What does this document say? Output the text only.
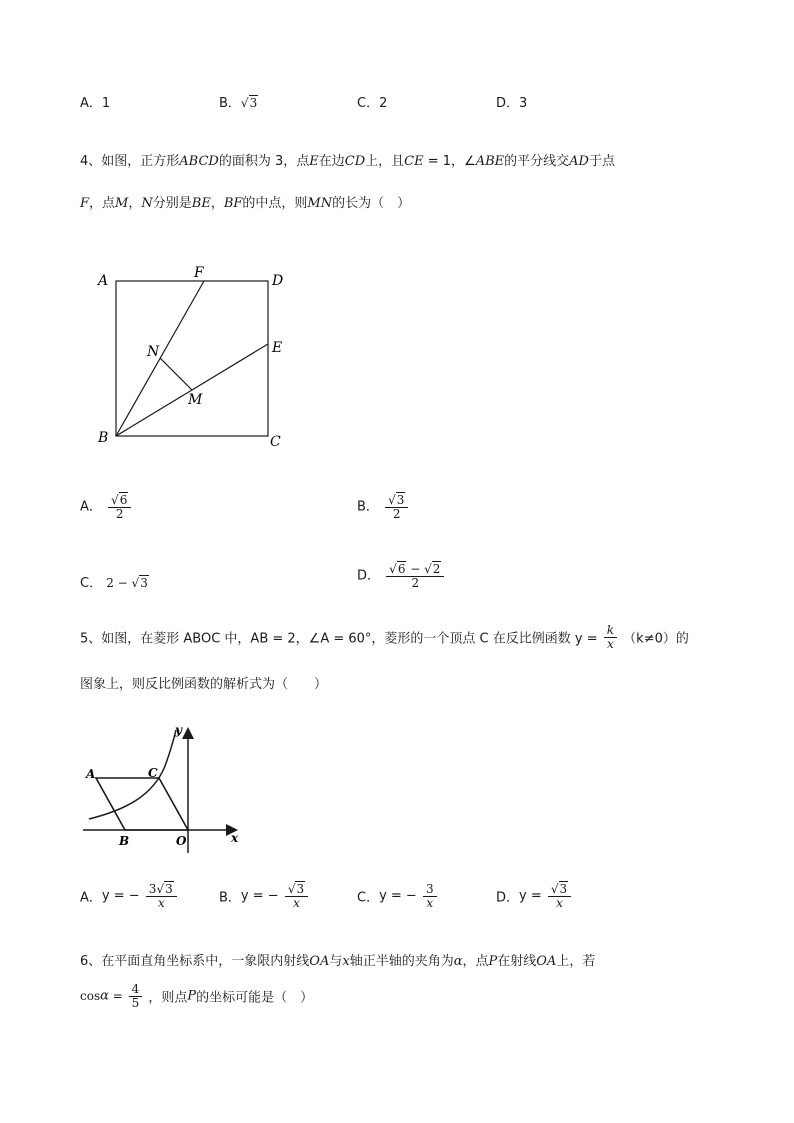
A．1	B．√3	C．2	D．3
4、如图，正方形ABCD的面积为 3，点E在边CD上，且CE = 1，∠ABE的平分线交AD于点
F，点M，N分别是BE，BF的中点，则MN的长为（　）
A	F	D
N	E
M
B	C
A． $\frac{√6}{2}$	B． $\frac{√3}{2}$
C． 2 − √3	D． $\frac{√6 - √2}{2}$
5、如图，在菱形 ABOC 中，AB = 2，∠A = 60°，菱形的一个顶点 C 在反比例函数 $y = \frac{k}{x} (k\ne 0)$的
图象上，则反比例函数的解析式为（　　）
y
A	C
B	O	x
A．y = − $\frac{3√3}{x}$	B．y = − $\frac{√3}{x}$	C．y = − $\frac{3}{x}$	D．$y = \frac{√3}{x}$
6、在平面直角坐标系中，一象限内射线OA与x轴正半轴的夹角为α，点P在射线OA上，若
$\cos\alpha = \frac{4}{5}$ ，则点P的坐标可能是（　）
